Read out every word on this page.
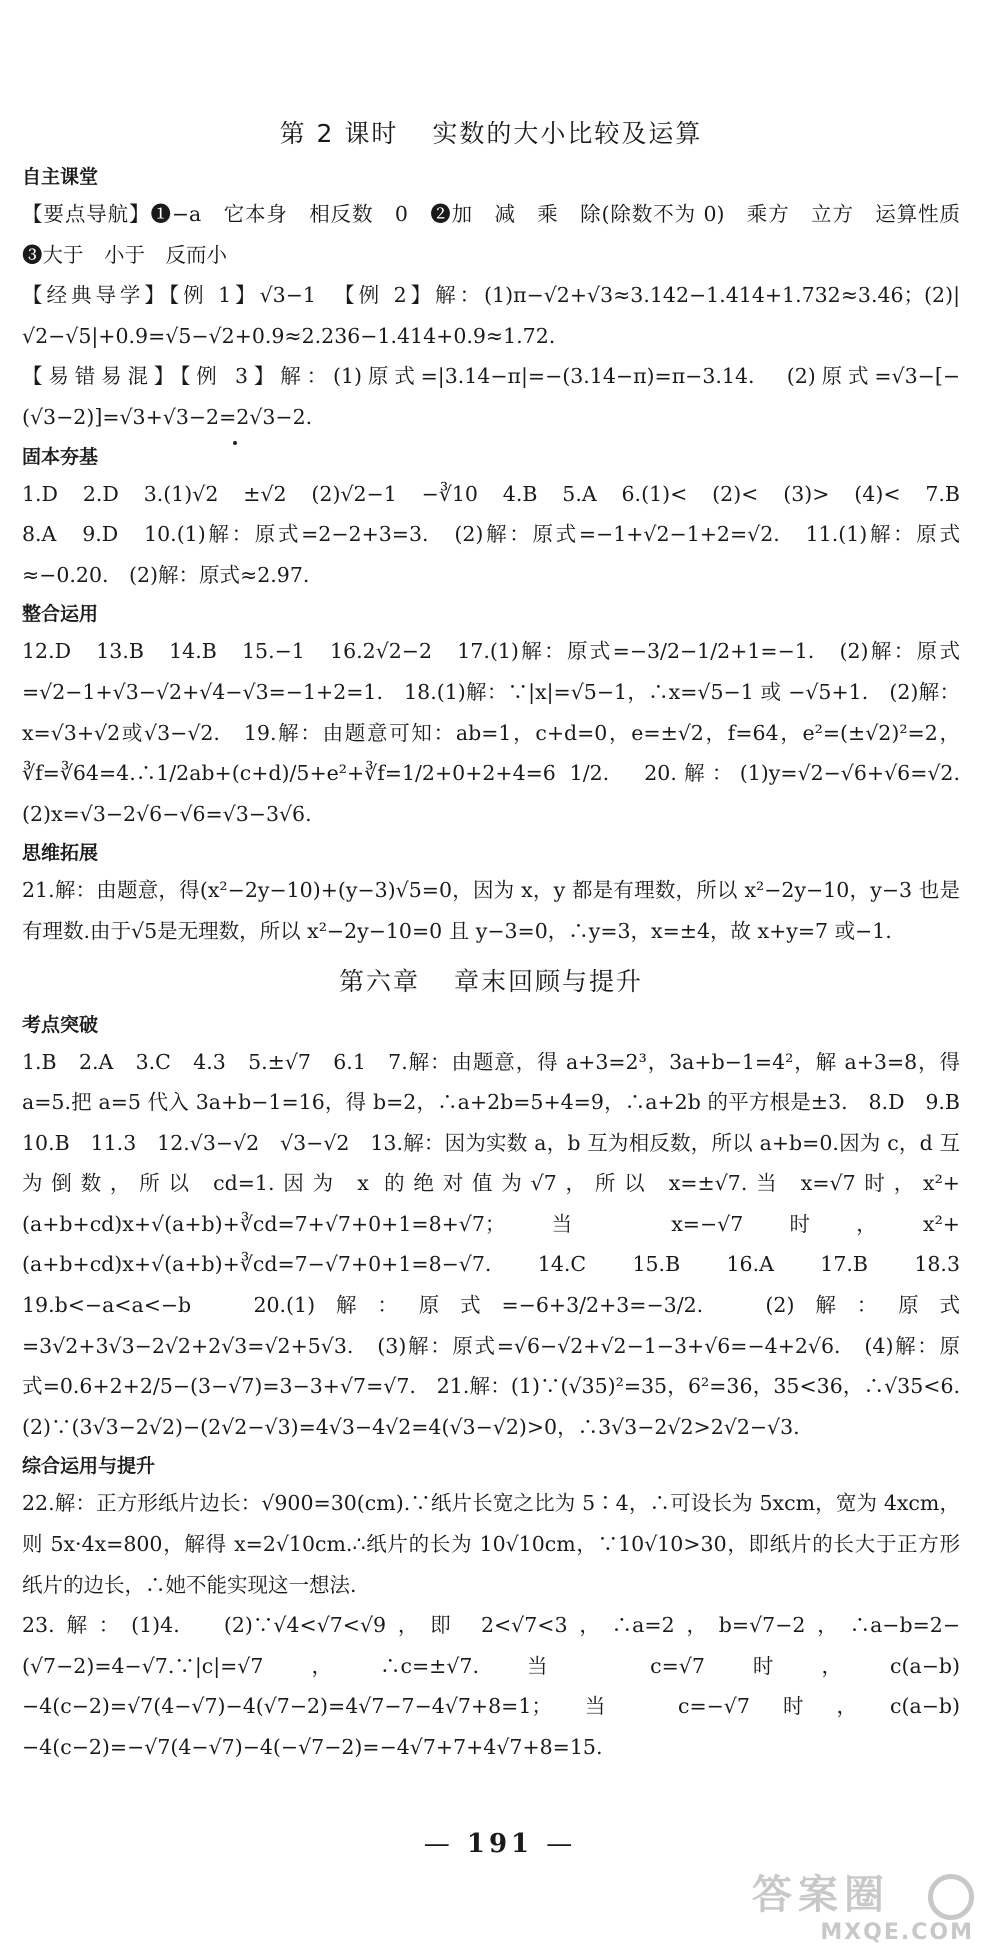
第 2 课时 实数的大小比较及运算
自主课堂

【要点导航】❶−a　它本身　相反数　0　❷加　减　乘　除(除数不为 0)　乘方　立方　运算性质　❸大于　小于　反而小

【经典导学】【例 1】√3−1　【例 2】解：(1)π−√2+√3≈3.142−1.414+1.732≈3.46；(2)|√2−√5|+0.9=√5−√2+0.9≈2.236−1.414+0.9≈1.72.

【易错易混】【例 3】解：(1)原式=|3.14−π|=−(3.14−π)=π−3.14.　(2)原式=√3−[−(√3−2)]=√3+√3−2=2√3−2.

固本夯基

1.D　2.D　3.(1)√2　±√2　(2)√2−1　−∛10　4.B　5.A　6.(1)<　(2)<　(3)>　(4)<　7.B　8.A　9.D　10.(1)解：原式=2−2+3=3.　(2)解：原式=−1+√2−1+2=√2.　11.(1)解：原式≈−0.20.　(2)解：原式≈2.97.

整合运用

12.D　13.B　14.B　15.−1　16.2√2−2　17.(1)解：原式=−3/2−1/2+1=−1.　(2)解：原式=√2−1+√3−√2+√4−√3=−1+2=1.　18.(1)解：∵|x|=√5−1，∴x=√5−1 或 −√5+1.　(2)解：x=√3+√2或√3−√2.　19.解：由题意可知：ab=1，c+d=0，e=±√2，f=64，e²=(±√2)²=2，∛f=∛64=4.∴1/2ab+(c+d)/5+e²+∛f=1/2+0+2+4=6 1/2.　20.解：(1)y=√2−√6+√6=√2.　(2)x=√3−2√6−√6=√3−3√6.

思维拓展

21.解：由题意，得(x²−2y−10)+(y−3)√5=0，因为 x，y 都是有理数，所以 x²−2y−10，y−3 也是有理数.由于√5是无理数，所以 x²−2y−10=0 且 y−3=0，∴y=3，x=±4，故 x+y=7 或−1.

第六章 章末回顾与提升
考点突破

1.B　2.A　3.C　4.3　5.±√7　6.1　7.解：由题意，得 a+3=2³，3a+b−1=4²，解 a+3=8，得 a=5.把 a=5 代入 3a+b−1=16，得 b=2，∴a+2b=5+4=9，∴a+2b 的平方根是±3.　8.D　9.B　10.B　11.3　12.√3−√2　√3−√2　13.解：因为实数 a，b 互为相反数，所以 a+b=0.因为 c，d 互为倒数，所以 cd=1.因为 x 的绝对值为√7，所以 x=±√7.当 x=√7时，x²+(a+b+cd)x+√(a+b)+∛cd=7+√7+0+1=8+√7；当 x=−√7时，x²+(a+b+cd)x+√(a+b)+∛cd=7−√7+0+1=8−√7.　14.C　15.B　16.A　17.B　18.3　19.b<−a<a<−b　20.(1)解：原式=−6+3/2+3=−3/2.　(2)解：原式=3√2+3√3−2√2+2√3=√2+5√3.　(3)解：原式=√6−√2+√2−1−3+√6=−4+2√6.　(4)解：原式=0.6+2+2/5−(3−√7)=3−3+√7=√7.　21.解：(1)∵(√35)²=35，6²=36，35<36，∴√35<6.　(2)∵(3√3−2√2)−(2√2−√3)=4√3−4√2=4(√3−√2)>0，∴3√3−2√2>2√2−√3.

综合运用与提升

22.解：正方形纸片边长：√900=30(cm).∵纸片长宽之比为 5∶4，∴可设长为 5xcm，宽为 4xcm，则 5x·4x=800，解得 x=2√10cm.∴纸片的长为 10√10cm，∵10√10>30，即纸片的长大于正方形纸片的边长，∴她不能实现这一想法.

23.解：(1)4.　(2)∵√4<√7<√9，即 2<√7<3，∴a=2，b=√7−2，∴a−b=2−(√7−2)=4−√7.∵|c|=√7，∴c=±√7.当 c=√7时，c(a−b)−4(c−2)=√7(4−√7)−4(√7−2)=4√7−7−4√7+8=1；当 c=−√7时，c(a−b)−4(c−2)=−√7(4−√7)−4(−√7−2)=−4√7+7+4√7+8=15.

— 191 —
答案圈
MXQE.COM
